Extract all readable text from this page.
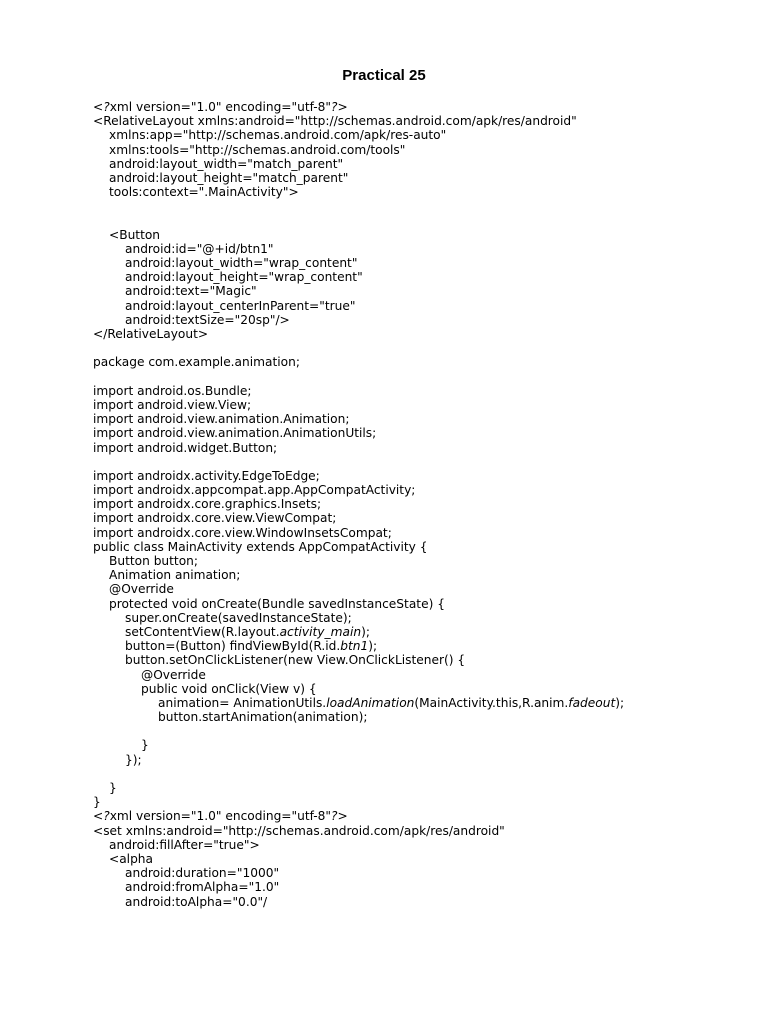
Practical 25
<?xml version="1.0" encoding="utf-8"?>
<RelativeLayout xmlns:android="http://schemas.android.com/apk/res/android"
xmlns:app="http://schemas.android.com/apk/res-auto"
xmlns:tools="http://schemas.android.com/tools"
android:layout_width="match_parent"
android:layout_height="match_parent"
tools:context=".MainActivity">
<Button
android:id="@+id/btn1"
android:layout_width="wrap_content"
android:layout_height="wrap_content"
android:text="Magic"
android:layout_centerInParent="true"
android:textSize="20sp"/>
</RelativeLayout>
package com.example.animation;
import android.os.Bundle;
import android.view.View;
import android.view.animation.Animation;
import android.view.animation.AnimationUtils;
import android.widget.Button;
import androidx.activity.EdgeToEdge;
import androidx.appcompat.app.AppCompatActivity;
import androidx.core.graphics.Insets;
import androidx.core.view.ViewCompat;
import androidx.core.view.WindowInsetsCompat;
public class MainActivity extends AppCompatActivity {
Button button;
Animation animation;
@Override
protected void onCreate(Bundle savedInstanceState) {
super.onCreate(savedInstanceState);
setContentView(R.layout.activity_main);
button=(Button) findViewById(R.id.btn1);
button.setOnClickListener(new View.OnClickListener() {
@Override
public void onClick(View v) {
animation= AnimationUtils.loadAnimation(MainActivity.this,R.anim.fadeout);
button.startAnimation(animation);
}
});
}
}
<?xml version="1.0" encoding="utf-8"?>
<set xmlns:android="http://schemas.android.com/apk/res/android"
android:fillAfter="true">
<alpha
android:duration="1000"
android:fromAlpha="1.0"
android:toAlpha="0.0"/
